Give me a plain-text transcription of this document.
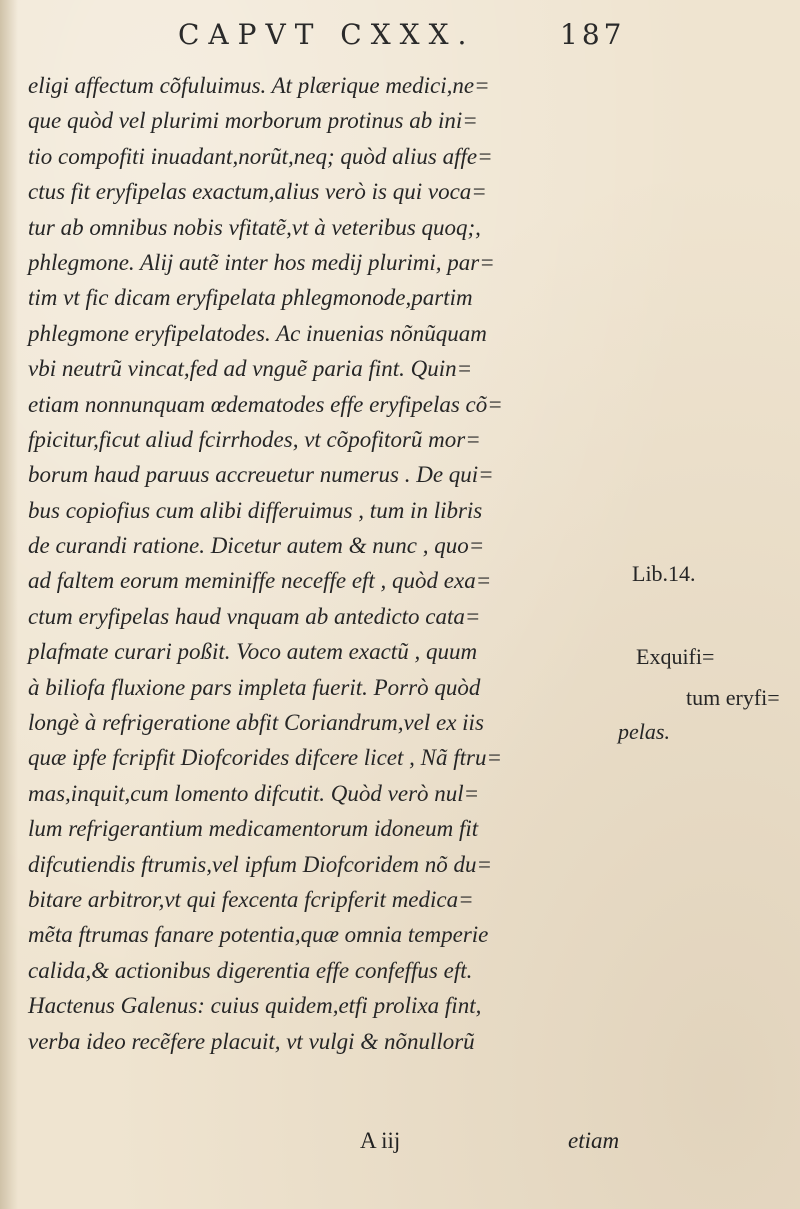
CAPVT CXXX.	187
eligi affectum co͂fuluimus. At plærique medici,ne=
que quòd vel plurimi morborum protinus ab ini=
tio compofiti inuadant,norũt,neq; quòd alius affe=
ctus fit eryfipelas exactum,alius verò is qui voca=
tur ab omnibus nobis vfitatẽ,vt à veteribus quoq;,
phlegmone. Alij autẽ inter hos medij plurimi, par=
tim vt fic dicam eryfipelata phlegmonode,partim
phlegmone eryfipelatodes. Ac inuenias nõnũquam
vbi neutrũ vincat,fed ad vnguẽ paria fint. Quin=
etiam nonnunquam œdematodes effe eryfipelas cõ=
fpicitur,ficut aliud fcirrhodes, vt cõpofitorũ mor=
borum haud paruus accreuetur numerus . De qui=
bus copiofius cum alibi differuimus , tum in libris
de curandi ratione. Dicetur autem & nunc , quo=
ad faltem eorum meminiffe neceffe eft , quòd exa=
ctum eryfipelas haud vnquam ab antedicto cata=
plafmate curari poßit. Voco autem exactũ , quum
à biliofa fluxione pars impleta fuerit. Porrò quòd
longè à refrigeratione abfit Coriandrum,vel ex iis
quæ ipfe fcripfit Diofcorides difcere licet , Nã ftru=
mas,inquit,cum lomento difcutit. Quòd verò nul=
lum refrigerantium medicamentorum idoneum fit
difcutiendis ftrumis,vel ipfum Diofcoridem nõ du=
bitare arbitror,vt qui fexcenta fcripferit medica=
mẽta ftrumas fanare potentia,quæ omnia temperie
calida,& actionibus digerentia effe confeffus eft.
Hactenus Galenus: cuius quidem,etfi prolixa fint,
verba ideo recẽfere placuit, vt vulgi & nõnullorũ
Lib.14.
Exquifi=
tum eryfi=
pelas.
A iij	etiam
